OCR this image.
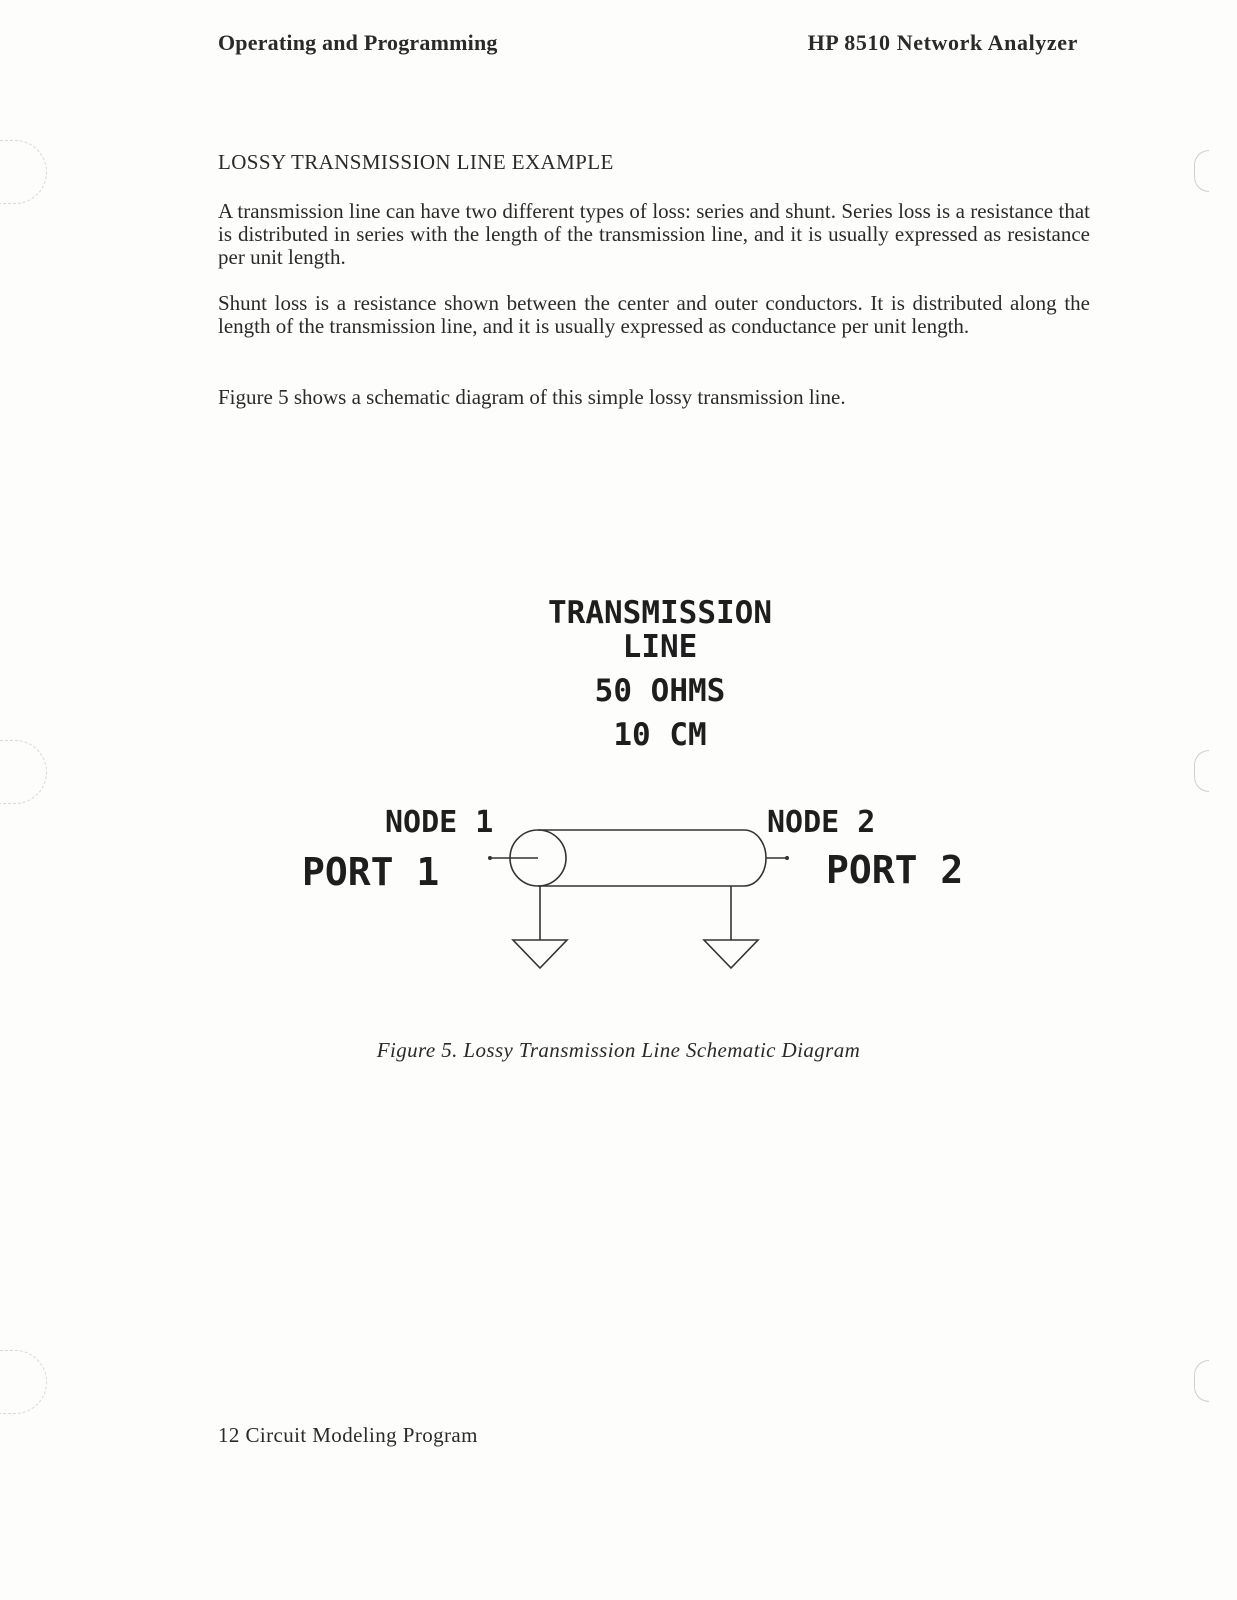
Operating and Programming	HP 8510 Network Analyzer
LOSSY TRANSMISSION LINE EXAMPLE

A transmission line can have two different types of loss: series and shunt. Series loss is a resistance that is distributed in series with the length of the transmission line, and it is usually expressed as resistance per unit length.

Shunt loss is a resistance shown between the center and outer conductors. It is distributed along the length of the transmission line, and it is usually expressed as conductance per unit length.

Figure 5 shows a schematic diagram of this simple lossy transmission line.

TRANSMISSION
LINE
50 OHMS
10 CM
NODE 1	NODE 2
PORT 1	PORT 2
Figure 5. Lossy Transmission Line Schematic Diagram
12 Circuit Modeling Program
